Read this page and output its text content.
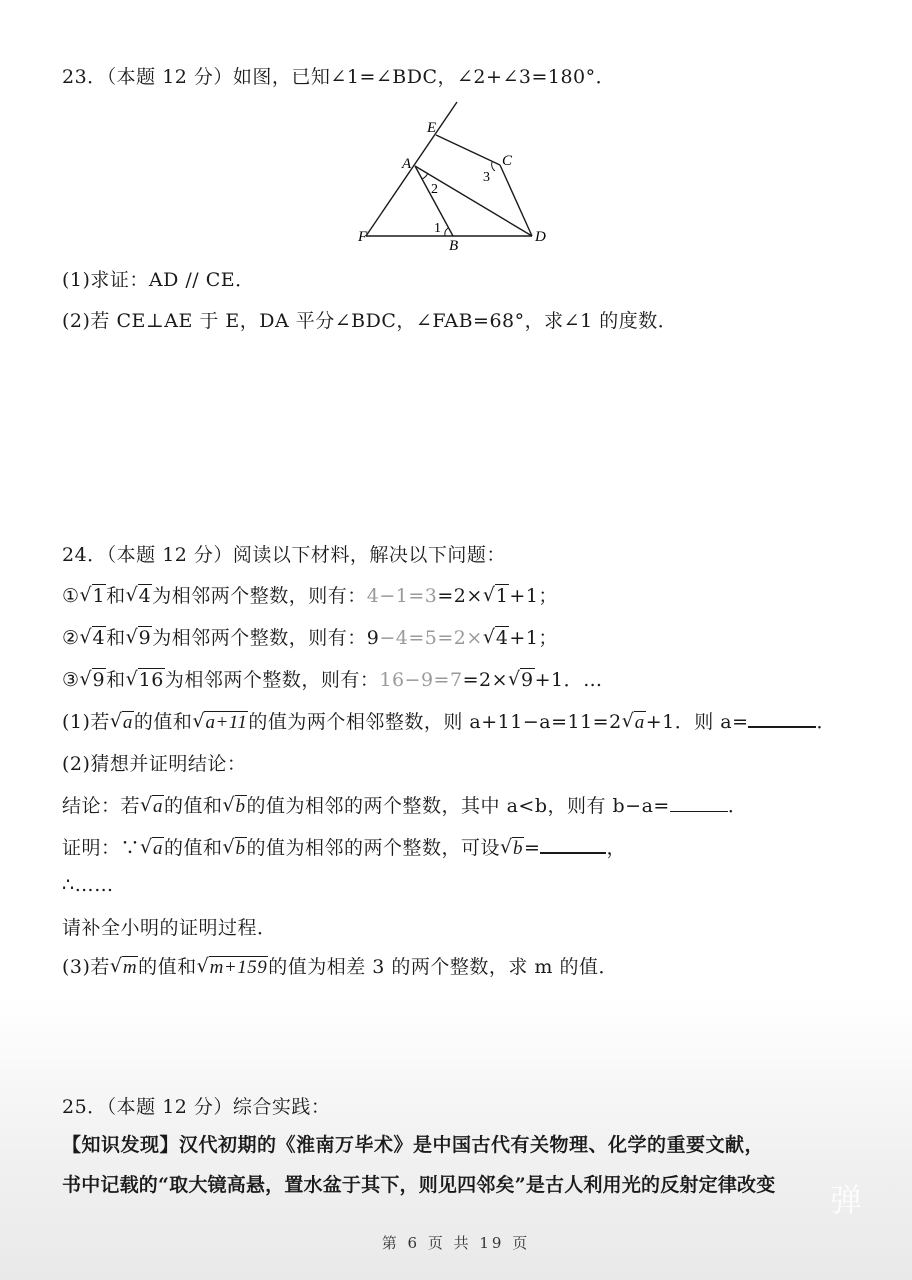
23．（本题 12 分）如图，已知∠1=∠BDC，∠2+∠3=180°．
E
C
A
2
3
1
F
B
D
(1)求证：AD // CE．
(2)若 CE⊥AE 于 E，DA 平分∠BDC，∠FAB=68°，求∠1 的度数．
24．（本题 12 分）阅读以下材料，解决以下问题：
① √ 1和 √ 4为相邻两个整数，则有：4−1=3=2× √ 1+1；
② √ 4和 √ 9为相邻两个整数，则有：9−4=5=2× √ 4+1；
③ √ 9和 √ 16为相邻两个整数，则有：16−9=7=2× √ 9+1．…
(1)若 √ a的值和 √ a+11的值为两个相邻整数，则 a+11−a=11=2 √ a+1．则 a=	．
(2)猜想并证明结论：
结论：若 √ a的值和 √ b的值为相邻的两个整数，其中 a<b，则有 b−a=	．
证明：∵ √ a的值和 √ b的值为相邻的两个整数，可设 √ b=	，
∴……
请补全小明的证明过程．
(3)若 √ m的值和 √ m+159的值为相差 3 的两个整数，求 m 的值．
25．（本题 12 分）综合实践：
【知识发现】汉代初期的《淮南万毕术》是中国古代有关物理、化学的重要文献，
书中记载的“取大镜高悬，置水盆于其下，则见四邻矣”是古人利用光的反射定律改变 弹
第 6 页 共 19 页
